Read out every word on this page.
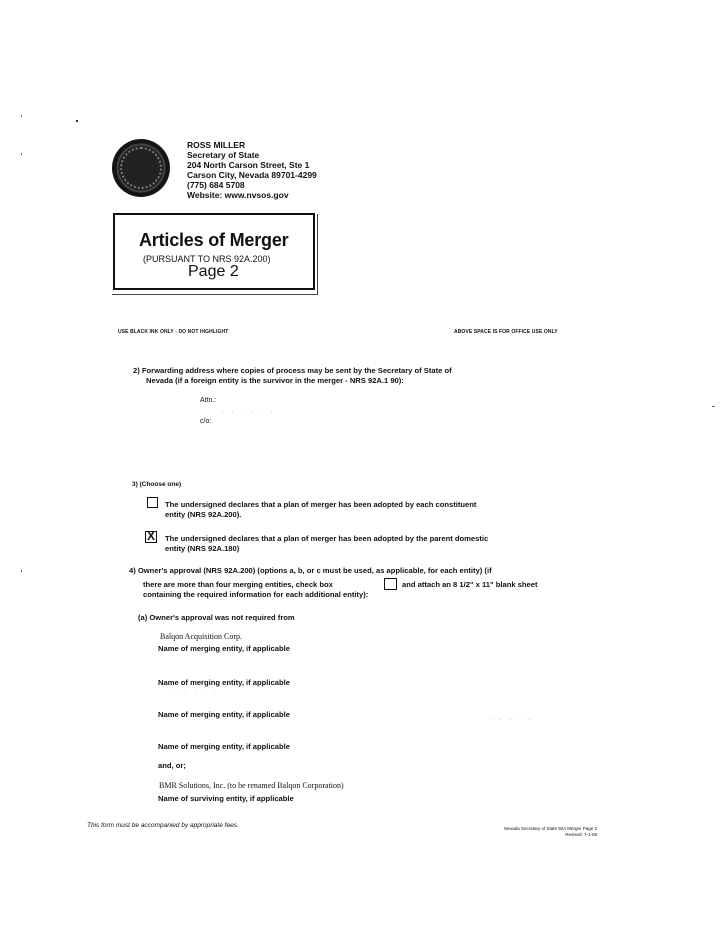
ROSS MILLER
Secretary of State
204 North Carson Street, Ste 1
Carson City, Nevada 89701-4299
(775) 684 5708
Website: www.nvsos.gov
Articles of Merger
(PURSUANT TO NRS 92A.200)
Page 2
USE BLACK INK ONLY - DO NOT HIGHLIGHT	ABOVE SPACE IS FOR OFFICE USE ONLY
2) Forwarding address where copies of process may be sent by the Secretary of State of
Nevada (if a foreign entity is the survivor in the merger - NRS 92A.1 90):
Attn.:
c/o:
· · · · · ·
3) (Choose one)
The undersigned declares that a plan of merger has been adopted by each constituent
entity (NRS 92A.200).
X The undersigned declares that a plan of merger has been adopted by the parent domestic
entity (NRS 92A.180)
4) Owner's approval (NRS 92A.200) (options a, b, or c must be used, as applicable, for each entity) (if
there are more than four merging entities, check box	and attach an 8 1/2" x 11" blank sheet
containing the required information for each additional entity):
(a) Owner's approval was not required from
Balqon Acquisition Corp.
Name of merging entity, if applicable
Name of merging entity, if applicable
· · · · ·
Name of merging entity, if applicable
· · · · ·
Name of merging entity, if applicable
and, or;
BMR Solutions, Inc. (to be renamed Balqon Corporation)
Name of surviving entity, if applicable
This form must be accompanied by appropriate fees.	Nevada Secretary of State 92A Merger Page 2
Revised: 7-1-08
